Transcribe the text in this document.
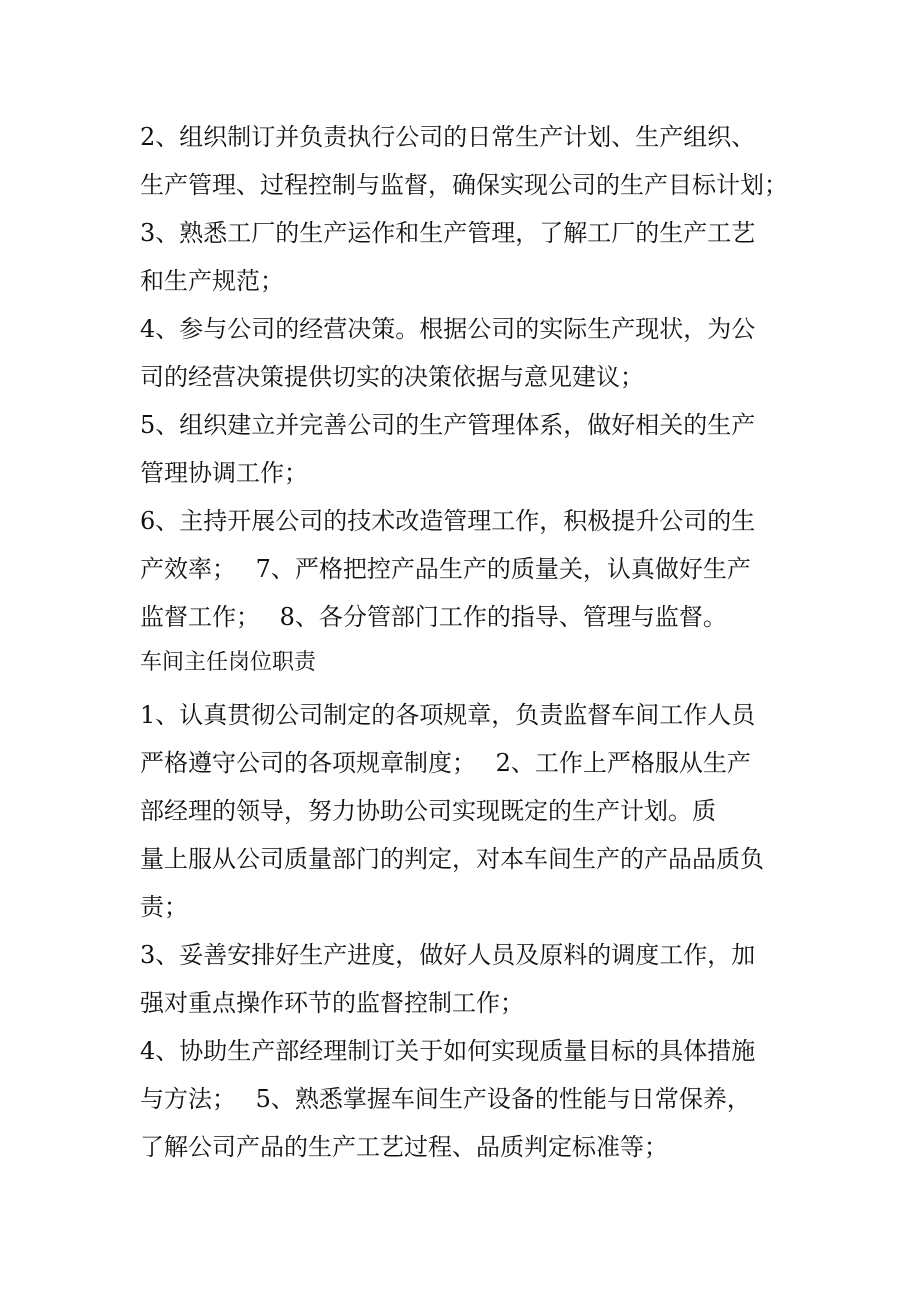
2、组织制订并负责执行公司的日常生产计划、生产组织、
生产管理、过程控制与监督，确保实现公司的生产目标计划；
3、熟悉工厂的生产运作和生产管理，了解工厂的生产工艺
和生产规范；
4、参与公司的经营决策。根据公司的实际生产现状，为公
司的经营决策提供切实的决策依据与意见建议；
5、组织建立并完善公司的生产管理体系，做好相关的生产
管理协调工作；
6、主持开展公司的技术改造管理工作，积极提升公司的生
产效率；　 7、严格把控产品生产的质量关，认真做好生产
监督工作；　 8、各分管部门工作的指导、管理与监督。
车间主任岗位职责
1、认真贯彻公司制定的各项规章，负责监督车间工作人员
严格遵守公司的各项规章制度；　 2、工作上严格服从生产
部经理的领导，努力协助公司实现既定的生产计划。质
量上服从公司质量部门的判定，对本车间生产的产品品质负
责；
3、妥善安排好生产进度，做好人员及原料的调度工作，加
强对重点操作环节的监督控制工作；
4、协助生产部经理制订关于如何实现质量目标的具体措施
与方法；　 5、熟悉掌握车间生产设备的性能与日常保养，
了解公司产品的生产工艺过程、品质判定标准等；
